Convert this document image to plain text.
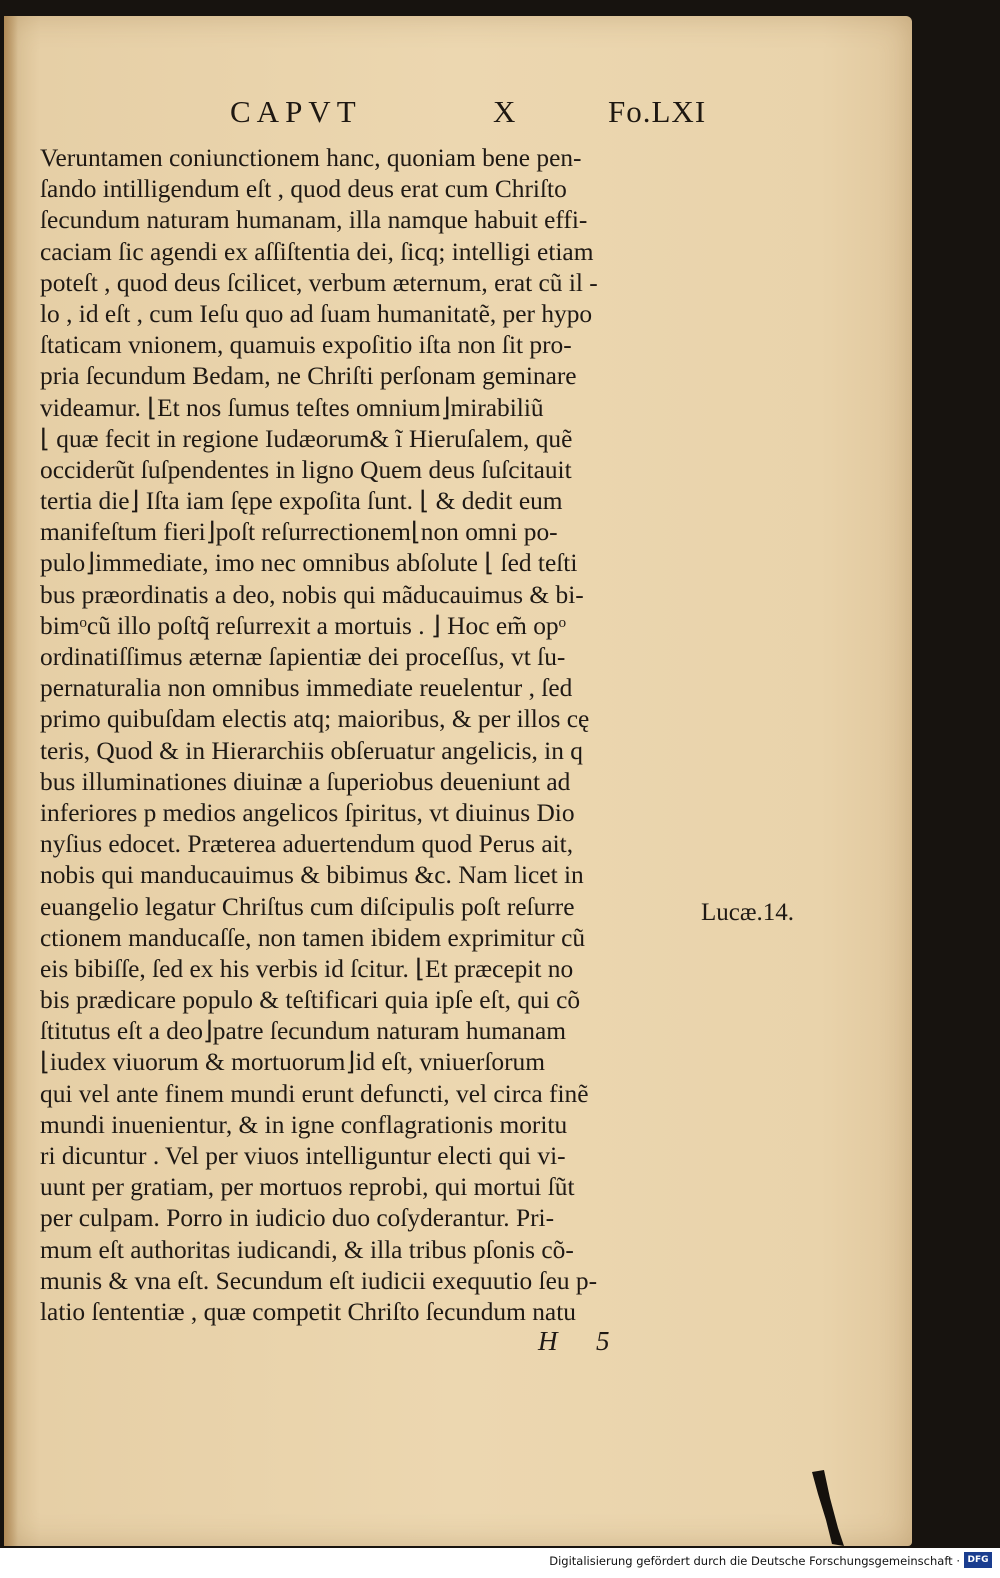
CAPVT	X	Fo.LXI
Veruntamen coniunctionem hanc, quoniam bene pen-
ſando intilligendum eſt , quod deus erat cum Chriſto
ſecundum naturam humanam, illa namque habuit effi-
caciam ſic agendi ex aſſiſtentia dei, ſicq; intelligi etiam
poteſt , quod deus ſcilicet, verbum æternum, erat cũ il -
lo , id eſt , cum Ieſu quo ad ſuam humanitatẽ, per hypo
ſtaticam vnionem, quamuis expoſitio iſta non ſit pro-
pria ſecundum Bedam, ne Chriſti perſonam geminare
videamur. ⌊Et nos ſumus teſtes omnium⌋mirabiliũ
⌊ quæ fecit in regione Iudæorum& ĩ Hieruſalem, quẽ
occiderũt ſuſpendentes in ligno Quem deus ſuſcitauit
tertia die⌋ Iſta iam ſępe expoſita ſunt. ⌊ & dedit eum
manifeſtum fieri⌋poſt reſurrectionem⌊non omni po-
pulo⌋immediate, imo nec omnibus abſolute ⌊ ſed teſti
bus præordinatis a deo, nobis qui mãducauimus & bi-
bimᵒcũ illo poſtq̃ reſurrexit a mortuis . ⌋ Hoc em̃ opᵒ
ordinatiſſimus æternæ ſapientiæ dei proceſſus, vt ſu-
pernaturalia non omnibus immediate reuelentur , ſed
primo quibuſdam electis atq; maioribus, & per illos cę
teris, Quod & in Hierarchiis obſeruatur angelicis, in q
bus illuminationes diuinæ a ſuperiobus deueniunt ad
inferiores p medios angelicos ſpiritus, vt diuinus Dio
nyſius edocet. Præterea aduertendum quod Perus ait,
nobis qui manducauimus & bibimus &c. Nam licet in
euangelio legatur Chriſtus cum diſcipulis poſt reſurre
ctionem manducaſſe, non tamen ibidem exprimitur cũ
eis bibiſſe, ſed ex his verbis id ſcitur. ⌊Et præcepit no
bis prædicare populo & teſtificari quia ipſe eſt, qui cõ
ſtitutus eſt a deo⌋patre ſecundum naturam humanam
⌊iudex viuorum & mortuorum⌋id eſt, vniuerſorum
qui vel ante finem mundi erunt defuncti, vel circa finẽ
mundi inuenientur, & in igne conflagrationis moritu
ri dicuntur . Vel per viuos intelliguntur electi qui vi-
uunt per gratiam, per mortuos reprobi, qui mortui ſũt
per culpam. Porro in iudicio duo coſyderantur. Pri-
mum eſt authoritas iudicandi, & illa tribus pſonis cõ-
munis & vna eſt. Secundum eſt iudicii exequutio ſeu p-
latio ſententiæ , quæ competit Chriſto ſecundum natu
Lucæ.14.
H 5
Digitalisierung gefördert durch die Deutsche Forschungsgemeinschaft · DFG
